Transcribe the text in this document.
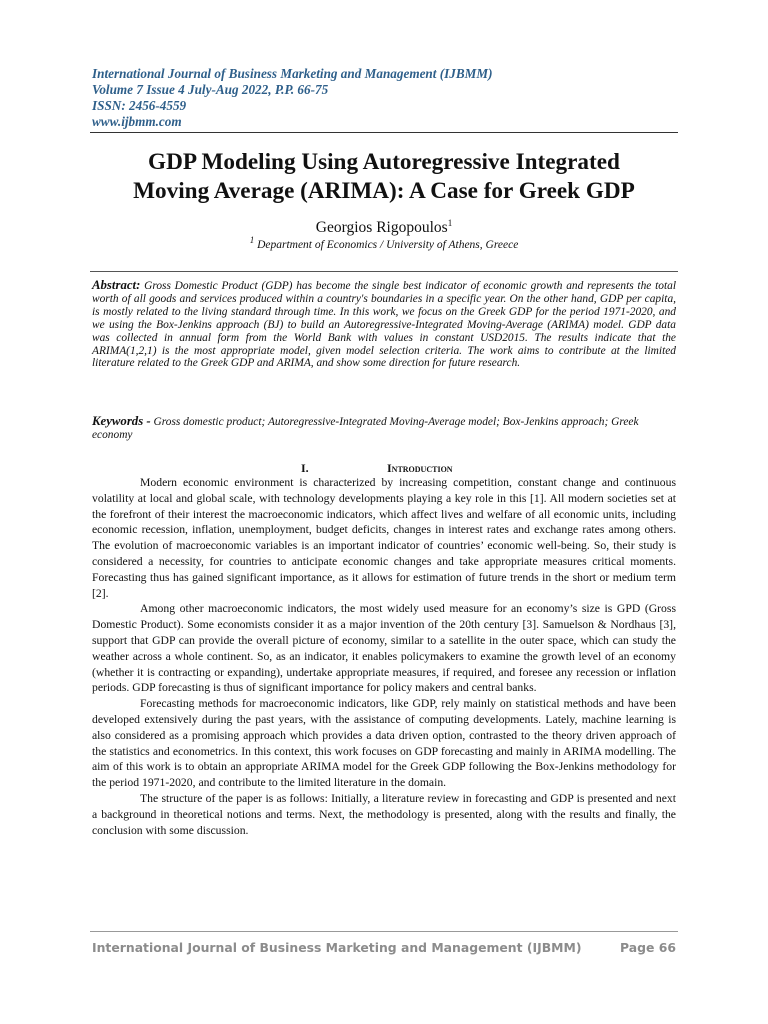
International Journal of Business Marketing and Management (IJBMM)
Volume 7 Issue 4 July-Aug 2022, P.P. 66-75
ISSN: 2456-4559
www.ijbmm.com
GDP Modeling Using Autoregressive Integrated
Moving Average (ARIMA): A Case for Greek GDP
Georgios Rigopoulos$^1$
$^1$ Department of Economics / University of Athens, Greece
Abstract: Gross Domestic Product (GDP) has become the single best indicator of economic growth and represents the total worth of all goods and services produced within a country's boundaries in a specific year. On the other hand, GDP per capita, is mostly related to the living standard through time. In this work, we focus on the Greek GDP for the period 1971-2020, and we using the Box-Jenkins approach (BJ) to build an Autoregressive-Integrated Moving-Average (ARIMA) model. GDP data was collected in annual form from the World Bank with values in constant USD2015. The results indicate that the ARIMA(1,2,1) is the most appropriate model, given model selection criteria. The work aims to contribute at the limited literature related to the Greek GDP and ARIMA, and show some direction for future research.
Keywords - Gross domestic product; Autoregressive-Integrated Moving-Average model; Box-Jenkins approach; Greek economy
I.	Introduction

Modern economic environment is characterized by increasing competition, constant change and continuous volatility at local and global scale, with technology developments playing a key role in this [1]. All modern societies set at the forefront of their interest the macroeconomic indicators, which affect lives and welfare of all economic units, including economic recession, inflation, unemployment, budget deficits, changes in interest rates and exchange rates among others. The evolution of macroeconomic variables is an important indicator of countries’ economic well-being. So, their study is considered a necessity, for countries to anticipate economic changes and take appropriate measures critical moments. Forecasting thus has gained significant importance, as it allows for estimation of future trends in the short or medium term [2].

Among other macroeconomic indicators, the most widely used measure for an economy’s size is GPD (Gross Domestic Product). Some economists consider it as a major invention of the 20th century [3]. Samuelson & Nordhaus [3], support that GDP can provide the overall picture of economy, similar to a satellite in the outer space, which can study the weather across a whole continent. So, as an indicator, it enables policymakers to examine the growth level of an economy (whether it is contracting or expanding), undertake appropriate measures, if required, and foresee any recession or inflation periods. GDP forecasting is thus of significant importance for policy makers and central banks.

Forecasting methods for macroeconomic indicators, like GDP, rely mainly on statistical methods and have been developed extensively during the past years, with the assistance of computing developments. Lately, machine learning is also considered as a promising approach which provides a data driven option, contrasted to the theory driven approach of the statistics and econometrics. In this context, this work focuses on GDP forecasting and mainly in ARIMA modelling. The aim of this work is to obtain an appropriate ARIMA model for the Greek GDP following the Box-Jenkins methodology for the period 1971-2020, and contribute to the limited literature in the domain.

The structure of the paper is as follows: Initially, a literature review in forecasting and GDP is presented and next a background in theoretical notions and terms. Next, the methodology is presented, along with the results and finally, the conclusion with some discussion.

International Journal of Business Marketing and Management (IJBMM)	Page 66
